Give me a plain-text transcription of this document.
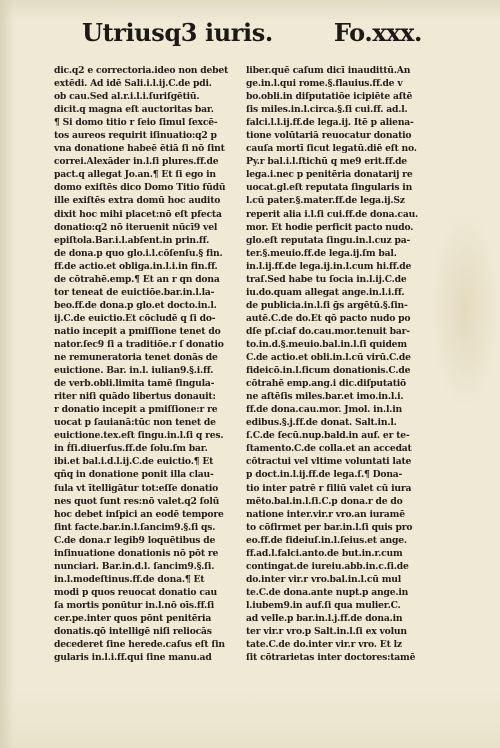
Utriusq3 iuris.	Fo.xxx.
dic.q2 e correctoria.ideo non debet
extēdi. Ad idē Sali.i.l.ij.C.de pdi.
ob cau.Sed al.r.i.l.i.ſuriſgētiū.
dicit.q magna eſt auctoritas bar.
¶ Si domo titio r ſeio ſimul ſexcē-
tos aureos requirit iſinuatio:q2 p
vna donatione habeē ētiā ſi nō ſint
correi.Alexāder in.l.ſi plures.ff.de
pact.q allegat Jo.an.¶ Et ſi ego in
domo exiſtēs dico Domo Titio fūdū
ille exiſtēs extra domū hoc audito
dixit hoc mihi placet:nō eſt pfecta
donatio:q2 nō iteruenit nūcī9 vel
epiſtola.Bar.i.l.abſent.in prin.ff.
de dona.p quo glo.i.l.cōſenſu.§ fin.
ff.de actio.et obliga.in.l.i.in fin.ff.
de cōtrahē.emp.¶ Et an r qn dona
tor teneat de euictiōe.bar.in.l.la-
beo.ff.de dona.p glo.et docto.in.l.
ij.C.de euictio.Et cōcludē q ſi do-
natio incepit a pmiſſione tenet do
nator.ſec9 ſi a traditiōe.r ſ donatio
ne remuneratoria tenet donās de
euictione. Bar. in.l. iulian9.§.i.ff.
de verb.obli.limita tamē ſingula-
riter niſi quādo libertus donauit:
r donatio incepit a pmiſſione:r re
uocat p ſauianā:tūc non tenet de
euictione.tex.eſt ſingu.in.l.ſi q res.
in ḟſi.diuerſus.ff.de ſolu.ſm bar.
ibi.et bal.i.d.l.ij.C.de euictio.¶ Et
qñq in donatione ponit illa clau-
ſula vt ītelligātur tot:eſſe donatio
nes quot ſunt res:nō valet.q2 ſolū
hoc debet inſpici an eodē tempore
ſint facte.bar.in.l.ſancim9.§.ſi qs.
C.de dona.r legib9 loquētibus de
inſinuatione donationis nō pōt re
nunciari. Bar.in.d.l. ſancim9.§.ſi.
in.l.modeſtinus.ff.de dona.¶ Et
modi p quos reuocat donatio cau
ſa mortis ponūtur in.l.nō oīs.ff.ſi
cer.pe.inter quos pōnt penitēria
donatis.qō intelligē niſi reliocās
decederet ſine herede.caſus eſt ſin
gularis in.l.i.ff.qui ſine manu.ad
liber.quē caſum dicī inaudittū.An
ge.in.l.qui rome.§.flauius.ff.de v
bo.obli.in diſputatiōe icipiēte aſtē
ſis miles.in.l.circa.§.ſi cui.ff. ad.l.
falci.l.l.ij.ff.de lega.ij. Itē p aliena-
tione volūtariā reuocatur donatio
cauſa mortī ſicut legatū.diē eſt no.
Py.r bal.i.l.ſtichū q me9 erit.ff.de
lega.i.nec p penitēria donatarij re
uocat.gl.eſt reputata ſingularis in
l.cū pater.§.mater.ff.de lega.ij.Sz
reperit alia i.l.ſi cui.ff.de dona.cau.
mor. Et hodie perficit pacto nudo.
glo.eſt reputata ſingu.in.l.cuz pa-
ter.§.meuio.ff.de lega.ij.ſm bal.
in.l.ij.ff.de lega.ij.in.l.cum hi.ff.de
traſ.Sed habe tu ſocia in.l.ij.C.de
iu.do.quam allegat ange.in.l.i.ff.
de publicia.in.l.ſi ḡs argētū.§.ſin-
autē.C.de do.Et qō pacto nudo po
dſe pſ.ciaf do.cau.mor.tenuit bar-
to.in.d.§.meuio.bal.in.l.ſi quidem
C.de actio.et obli.in.l.cū virū.C.de
fideicō.in.l.ſicum donationis.C.de
cōtrahē emp.ang.i dic.diſputatiō
ne aſtēſis miles.bar.et imo.in.l.i.
ff.de dona.cau.mor. Jmol. in.l.in
edibus.§.j.ff.de donat. Salt.in.l.
ſ.C.de ſecū.nup.bald.in auf. er te-
ſtamento.C.de colla.et an accedat
cōtractui vel vltime voluntati late
p doct.in.l.ij.ff.de lega.ſ.¶ Dona-
tio inter patrē r filiū valet cū iura
mēto.bal.in.l.ſi.C.p dona.r de do
natione inter.vir.r vro.an iuramē
to cōfirmet per bar.in.l.ſi quis pro
eo.ff.de fideiuſ.in.l.ſeius.et ange.
ff.ad.l.falci.anto.de but.in.r.cum
contingat.de iureiu.abb.in.c.ſi.de
do.inter vir.r vro.bal.in.l.cū mul
te.C.de dona.ante nupt.p ange.in
l.iubem9.in auf.ſi qua mulier.C.
ad velle.p bar.in.l.j.ff.de dona.in
ter vir.r vro.p Salt.in.l.ſi ex volun
tate.C.de do.inter vir.r vro. Et lz
ſit cōtrarietas inter doctores:tamē
